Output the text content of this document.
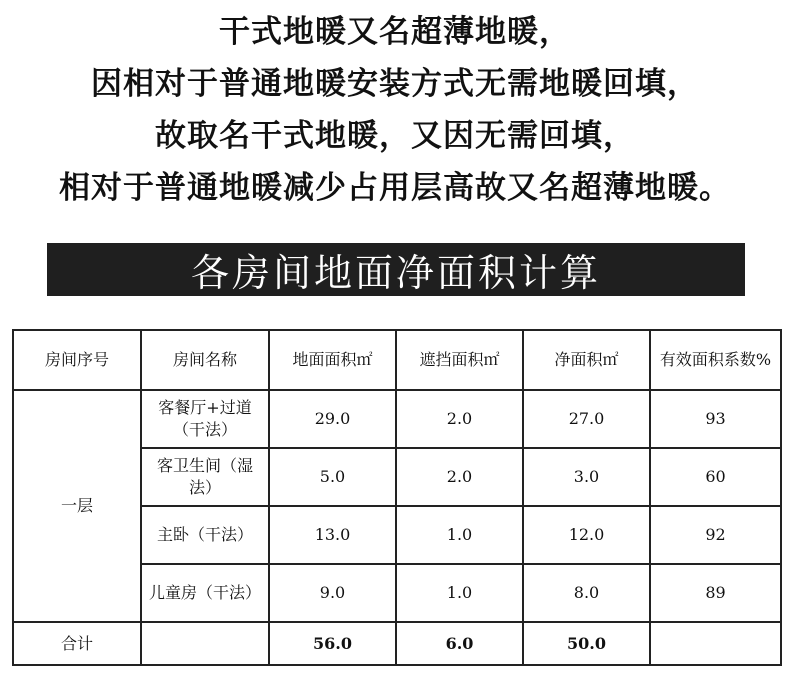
干式地暖又名超薄地暖，
因相对于普通地暖安装方式无需地暖回填，
故取名干式地暖，又因无需回填，
相对于普通地暖减少占用层高故又名超薄地暖。
各房间地面净面积计算
房间序号	房间名称	地面面积㎡	遮挡面积㎡	净面积㎡	有效面积系数%
一层	客餐厅+过道（干法）	29.0	2.0	27.0	93
	客卫生间（湿法）	5.0	2.0	3.0	60
	主卧（干法）	13.0	1.0	12.0	92
	儿童房（干法）	9.0	1.0	8.0	89
合计		56.0	6.0	50.0	
